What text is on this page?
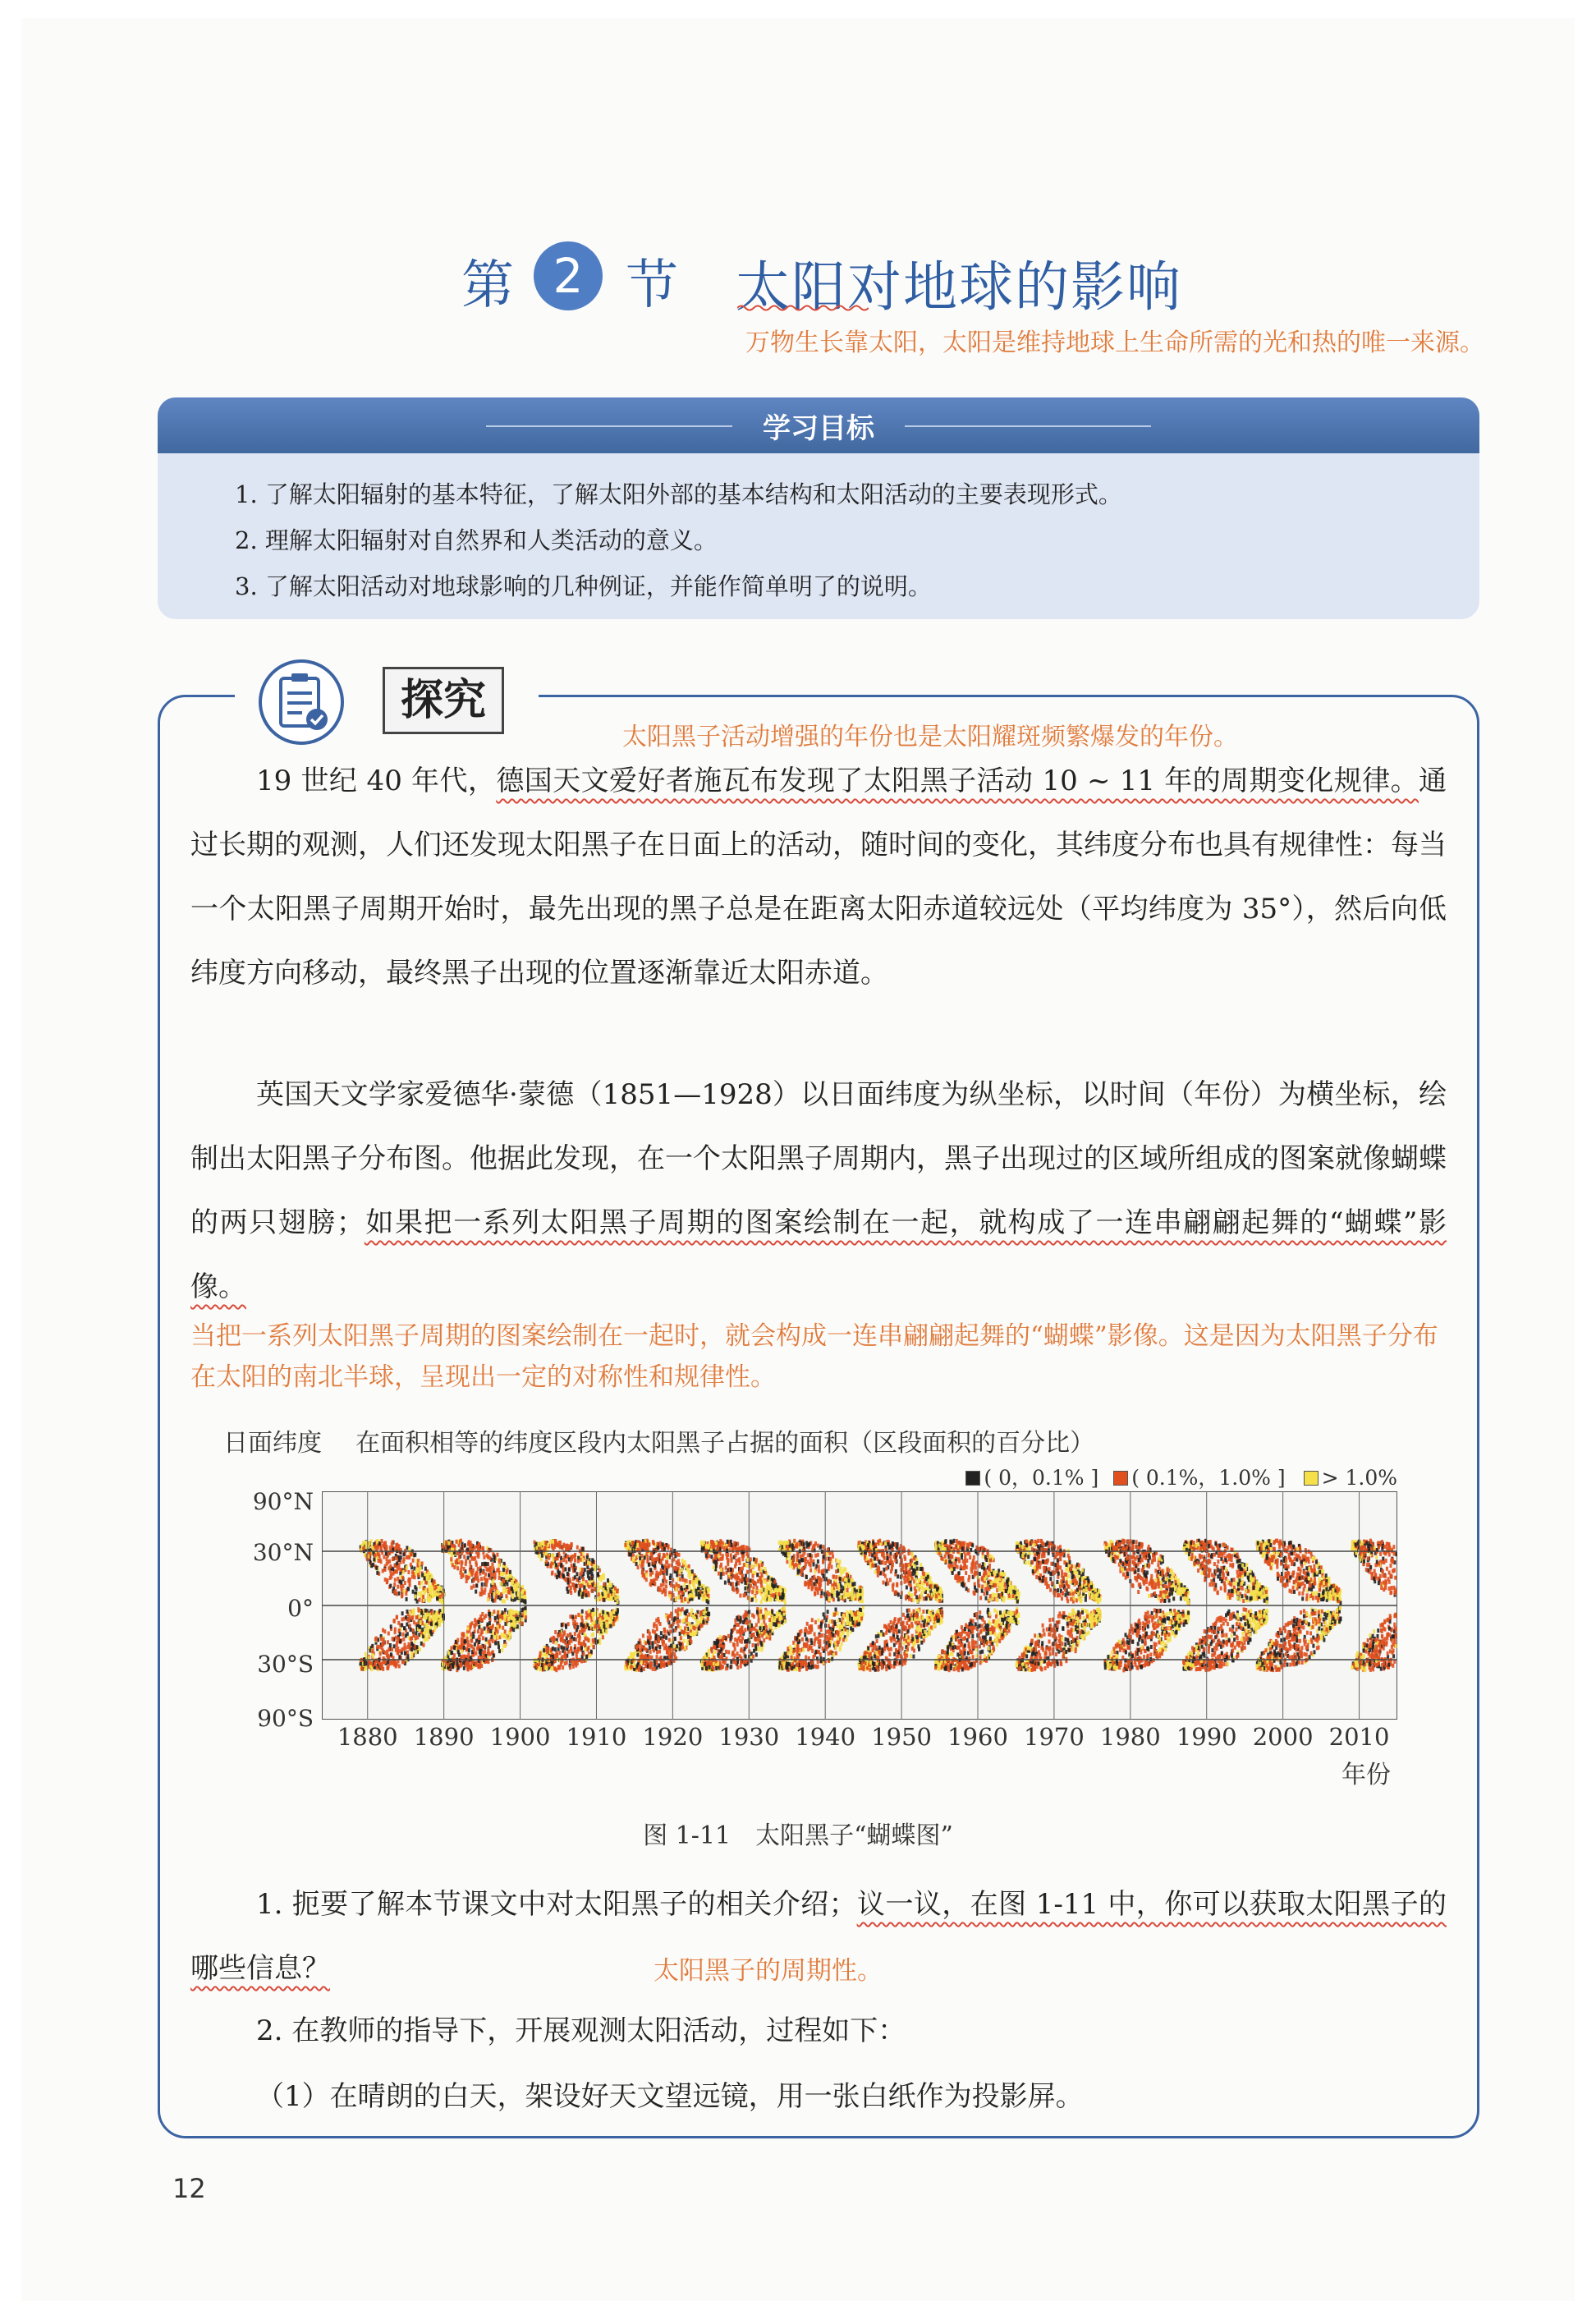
第 2 节 太阳对地球的影响
万物生长靠太阳，太阳是维持地球上生命所需的光和热的唯一来源。
学习目标
1. 了解太阳辐射的基本特征，了解太阳外部的基本结构和太阳活动的主要表现形式。
2. 理解太阳辐射对自然界和人类活动的意义。
3. 了解太阳活动对地球影响的几种例证，并能作简单明了的说明。
探究
太阳黑子活动增强的年份也是太阳耀斑频繁爆发的年份。

19 世纪 40 年代，德国天文爱好者施瓦布发现了太阳黑子活动 10 ~ 11 年的周期变化规律。通过长期的观测，人们还发现太阳黑子在日面上的活动，随时间的变化，其纬度分布也具有规律性：每当一个太阳黑子周期开始时，最先出现的黑子总是在距离太阳赤道较远处（平均纬度为 35°），然后向低纬度方向移动，最终黑子出现的位置逐渐靠近太阳赤道。

英国天文学家爱德华·蒙德（1851—1928）以日面纬度为纵坐标，以时间（年份）为横坐标，绘制出太阳黑子分布图。他据此发现，在一个太阳黑子周期内，黑子出现过的区域所组成的图案就像蝴蝶的两只翅膀；如果把一系列太阳黑子周期的图案绘制在一起，就构成了一连串翩翩起舞的“蝴蝶”影像。

当把一系列太阳黑子周期的图案绘制在一起时，就会构成一连串翩翩起舞的“蝴蝶”影像。这是因为太阳黑子分布在太阳的南北半球，呈现出一定的对称性和规律性。

日面纬度 在面积相等的纬度区段内太阳黑子占据的面积（区段面积的百分比）
( 0，0.1% ] ( 0.1%，1.0% ] > 1.0%
90°N
30°N
0°
30°S
90°S
年份
1880 1890 1900 1910 1920 1930 1940 1950 1960 1970 1980 1990 2000 2010
图 1-11　太阳黑子“蝴蝶图”

1. 扼要了解本节课文中对太阳黑子的相关介绍；议一议，在图 1-11 中，你可以获取太阳黑子的哪些信息？	太阳黑子的周期性。

2. 在教师的指导下，开展观测太阳活动，过程如下：

（1）在晴朗的白天，架设好天文望远镜，用一张白纸作为投影屏。

12
